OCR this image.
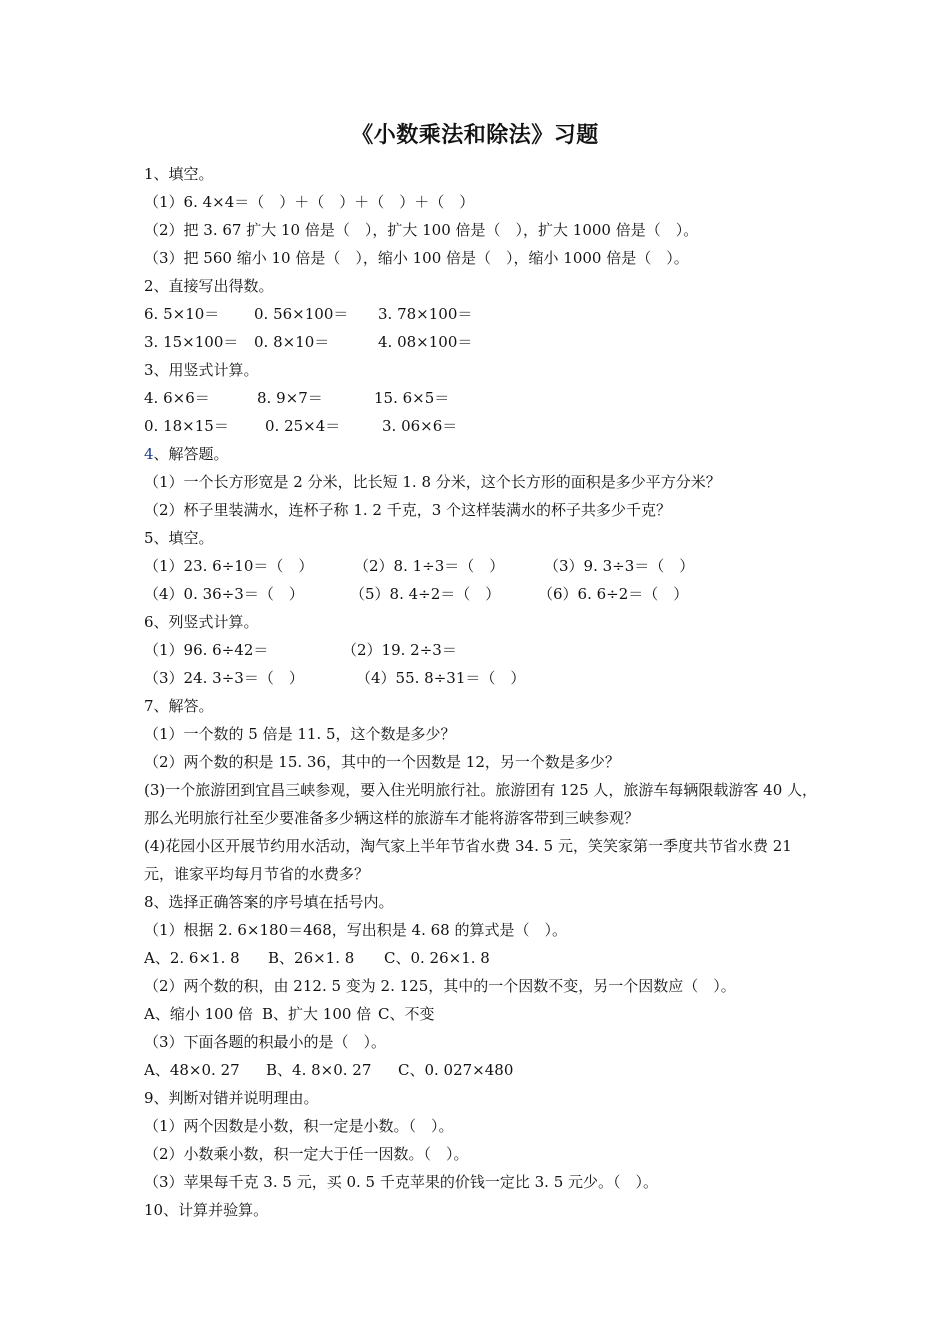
《小数乘法和除法》习题
1、填空。
（1）6. 4×4＝（　）＋（　）＋（　）＋（　）
（2）把 3. 67 扩大 10 倍是（　），扩大 100 倍是（　），扩大 1000 倍是（　）。
（3）把 560 缩小 10 倍是（　），缩小 100 倍是（　），缩小 1000 倍是（　）。
2、直接写出得数。
6. 5×10＝	0. 56×100＝	3. 78×100＝
3. 15×100＝	0. 8×10＝	4. 08×100＝
3、用竖式计算。
4. 6×6＝	8. 9×7＝	15. 6×5＝
0. 18×15＝	0. 25×4＝	3. 06×6＝
4 、解答题。
（1）一个长方形宽是 2 分米，比长短 1. 8 分米，这个长方形的面积是多少平方分米？
（2）杯子里装满水，连杯子称 1. 2 千克，3 个这样装满水的杯子共多少千克？
5、填空。
（1）23. 6÷10＝（　）	（2）8. 1÷3＝（　）	（3）9. 3÷3＝（　）
（4）0. 36÷3＝（　）	（5）8. 4÷2＝（　）	（6）6. 6÷2＝（　）
6、列竖式计算。
（1）96. 6÷42＝	（2）19. 2÷3＝
（3）24. 3÷3＝（　）	（4）55. 8÷31＝（　）
7、解答。
（1）一个数的 5 倍是 11. 5，这个数是多少？
（2）两个数的积是 15. 36，其中的一个因数是 12，另一个数是多少？
(3)一个旅游团到宜昌三峡参观，要入住光明旅行社。旅游团有 125 人，旅游车每辆限载游客 40 人，那么光明旅行社至少要准备多少辆这样的旅游车才能将游客带到三峡参观？
(4)花园小区开展节约用水活动，淘气家上半年节省水费 34. 5 元，笑笑家第一季度共节省水费 21 元，谁家平均每月节省的水费多？
8、选择正确答案的序号填在括号内。
（1）根据 2. 6×180＝468，写出积是 4. 68 的算式是（　）。
A、2. 6×1. 8	B、26×1. 8	C、0. 26×1. 8
（2）两个数的积，由 212. 5 变为 2. 125，其中的一个因数不变，另一个因数应（　）。
A、缩小 100 倍 B、扩大 100 倍 C、不变
（3）下面各题的积最小的是（　）。
A、48×0. 27	B、4. 8×0. 27	C、0. 027×480
9、判断对错并说明理由。
（1）两个因数是小数，积一定是小数。（　）。
（2）小数乘小数，积一定大于任一因数。（　）。
（3）苹果每千克 3. 5 元，买 0. 5 千克苹果的价钱一定比 3. 5 元少。（　）。
10、计算并验算。
